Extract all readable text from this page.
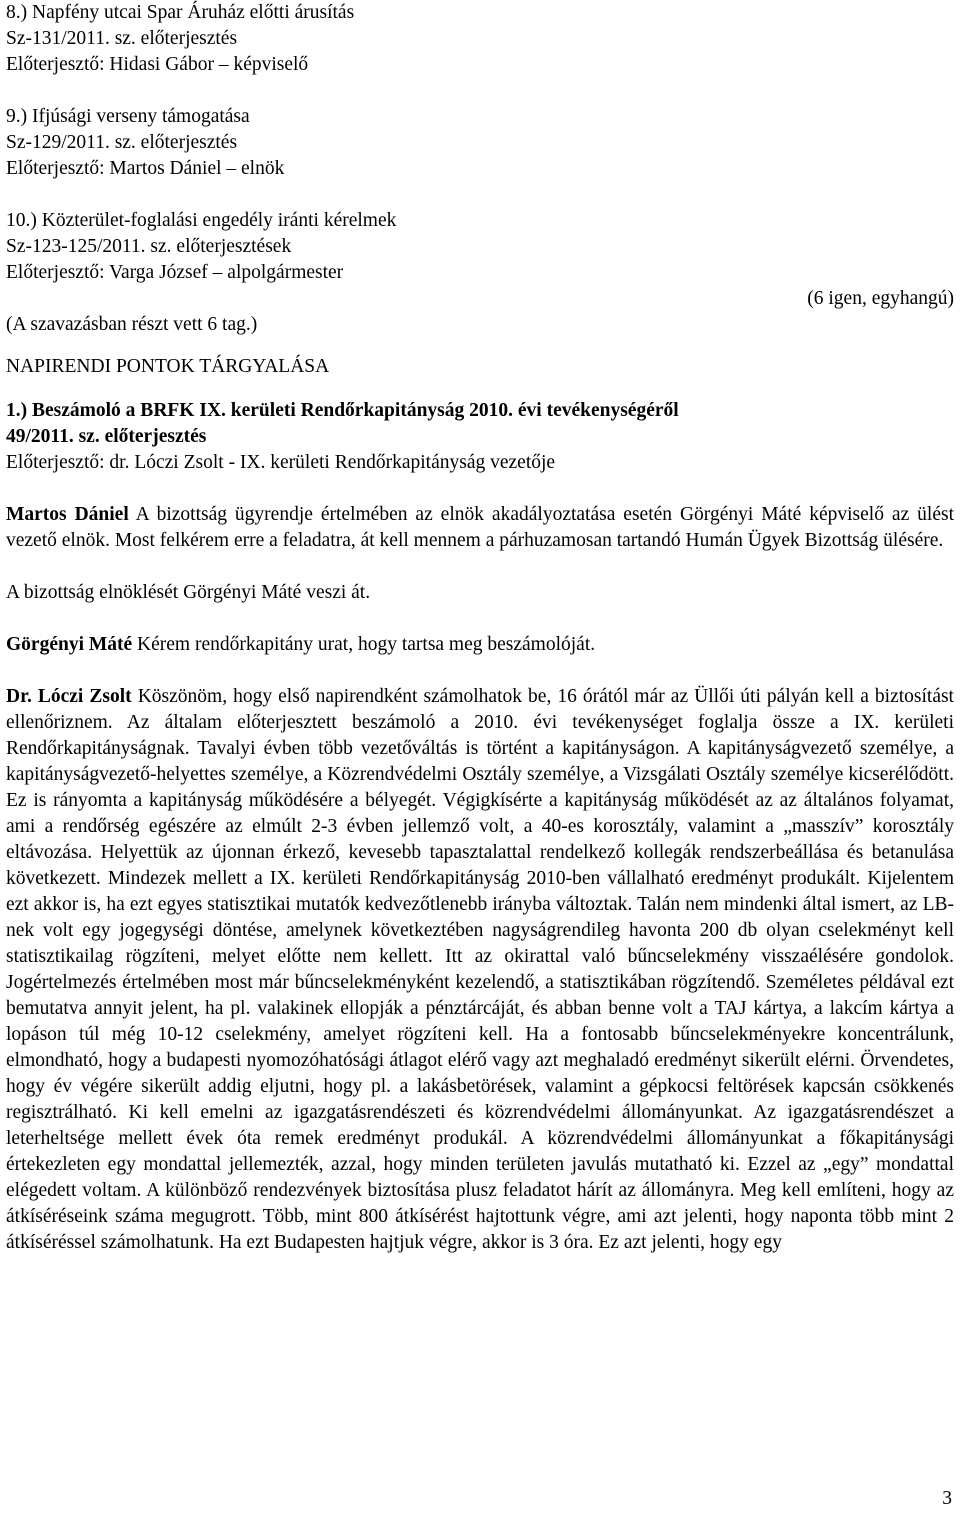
8.) Napfény utcai Spar Áruház előtti árusítás
Sz-131/2011. sz. előterjesztés
Előterjesztő: Hidasi Gábor – képviselő
9.) Ifjúsági verseny támogatása
Sz-129/2011. sz. előterjesztés
Előterjesztő: Martos Dániel – elnök
10.) Közterület-foglalási engedély iránti kérelmek
Sz-123-125/2011. sz. előterjesztések
Előterjesztő: Varga József – alpolgármester
(6 igen, egyhangú)
(A szavazásban részt vett 6 tag.)
NAPIRENDI PONTOK TÁRGYALÁSA
1.) Beszámoló a BRFK IX. kerületi Rendőrkapitányság 2010. évi tevékenységéről
49/2011. sz. előterjesztés
Előterjesztő: dr. Lóczi Zsolt - IX. kerületi Rendőrkapitányság vezetője

Martos Dániel A bizottság ügyrendje értelmében az elnök akadályoztatása esetén Görgényi Máté képviselő az ülést vezető elnök. Most felkérem erre a feladatra, át kell mennem a párhuzamosan tartandó Humán Ügyek Bizottság ülésére.

A bizottság elnöklését Görgényi Máté veszi át.

Görgényi Máté Kérem rendőrkapitány urat, hogy tartsa meg beszámolóját.

Dr. Lóczi Zsolt Köszönöm, hogy első napirendként számolhatok be, 16 órától már az Üllői úti pályán kell a biztosítást ellenőriznem. Az általam előterjesztett beszámoló a 2010. évi tevékenységet foglalja össze a IX. kerületi Rendőrkapitányságnak. Tavalyi évben több vezetőváltás is történt a kapitányságon. A kapitányságvezető személye, a kapitányságvezető-helyettes személye, a Közrendvédelmi Osztály személye, a Vizsgálati Osztály személye kicserélődött. Ez is rányomta a kapitányság működésére a bélyegét. Végigkísérte a kapitányság működését az az általános folyamat, ami a rendőrség egészére az elmúlt 2-3 évben jellemző volt, a 40-es korosztály, valamint a „masszív” korosztály eltávozása. Helyettük az újonnan érkező, kevesebb tapasztalattal rendelkező kollegák rendszerbeállása és betanulása következett. Mindezek mellett a IX. kerületi Rendőrkapitányság 2010-ben vállalható eredményt produkált. Kijelentem ezt akkor is, ha ezt egyes statisztikai mutatók kedvezőtlenebb irányba változtak. Talán nem mindenki által ismert, az LB-nek volt egy jogegységi döntése, amelynek következtében nagyságrendileg havonta 200 db olyan cselekményt kell statisztikailag rögzíteni, melyet előtte nem kellett. Itt az okirattal való bűncselekmény visszaélésére gondolok. Jogértelmezés értelmében most már bűncselekményként kezelendő, a statisztikában rögzítendő. Személetes példával ezt bemutatva annyit jelent, ha pl. valakinek ellopják a pénztárcáját, és abban benne volt a TAJ kártya, a lakcím kártya a lopáson túl még 10-12 cselekmény, amelyet rögzíteni kell. Ha a fontosabb bűncselekményekre koncentrálunk, elmondható, hogy a budapesti nyomozóhatósági átlagot elérő vagy azt meghaladó eredményt sikerült elérni. Örvendetes, hogy év végére sikerült addig eljutni, hogy pl. a lakásbetörések, valamint a gépkocsi feltörések kapcsán csökkenés regisztrálható. Ki kell emelni az igazgatásrendészeti és közrendvédelmi állományunkat. Az igazgatásrendészet a leterheltsége mellett évek óta remek eredményt produkál. A közrendvédelmi állományunkat a főkapitánysági értekezleten egy mondattal jellemezték, azzal, hogy minden területen javulás mutatható ki. Ezzel az „egy” mondattal elégedett voltam. A különböző rendezvények biztosítása plusz feladatot hárít az állományra. Meg kell említeni, hogy az átkíséréseink száma megugrott. Több, mint 800 átkísérést hajtottunk végre, ami azt jelenti, hogy naponta több mint 2 átkíséréssel számolhatunk. Ha ezt Budapesten hajtjuk végre, akkor is 3 óra. Ez azt jelenti, hogy egy

3
